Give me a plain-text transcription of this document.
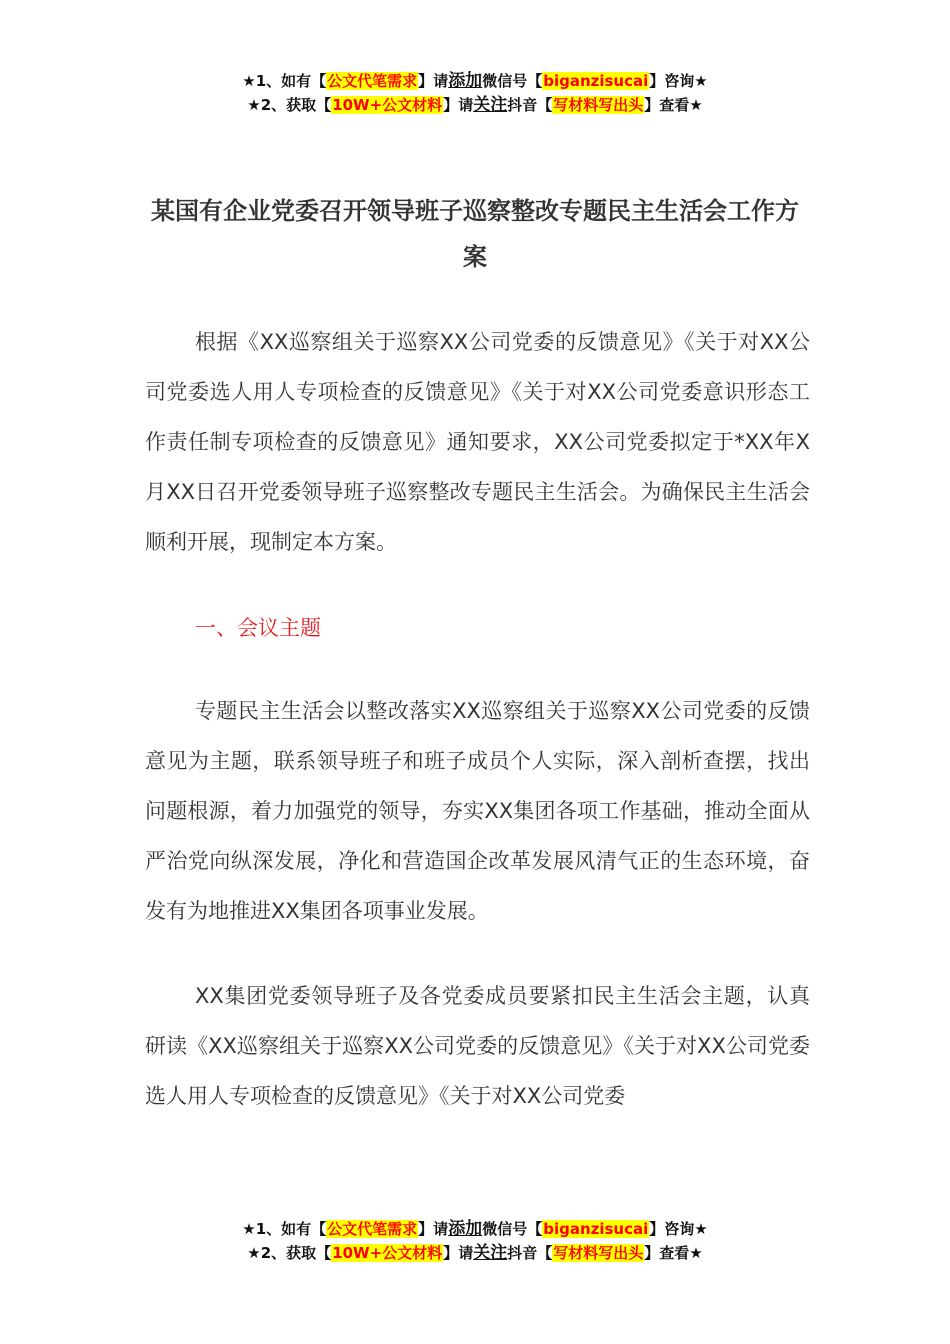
★1、如有【公文代笔需求】请添加微信号【biganzisucai】咨询★
★2、获取【10W+公文材料】请关注抖音【写材料写出头】查看★
某国有企业党委召开领导班子巡察整改专题民主生活会工作方案

根据《XX巡察组关于巡察XX公司党委的反馈意见》《关于对XX公司党委选人用人专项检查的反馈意见》《关于对XX公司党委意识形态工作责任制专项检查的反馈意见》通知要求，XX公司党委拟定于*XX年X月XX日召开党委领导班子巡察整改专题民主生活会。为确保民主生活会顺利开展，现制定本方案。

一、会议主题

专题民主生活会以整改落实XX巡察组关于巡察XX公司党委的反馈意见为主题，联系领导班子和班子成员个人实际，深入剖析查摆，找出问题根源，着力加强党的领导，夯实XX集团各项工作基础，推动全面从严治党向纵深发展，净化和营造国企改革发展风清气正的生态环境，奋发有为地推进XX集团各项事业发展。

XX集团党委领导班子及各党委成员要紧扣民主生活会主题，认真研读《XX巡察组关于巡察XX公司党委的反馈意见》《关于对XX公司党委选人用人专项检查的反馈意见》《关于对XX公司党委

★1、如有【公文代笔需求】请添加微信号【biganzisucai】咨询★
★2、获取【10W+公文材料】请关注抖音【写材料写出头】查看★
